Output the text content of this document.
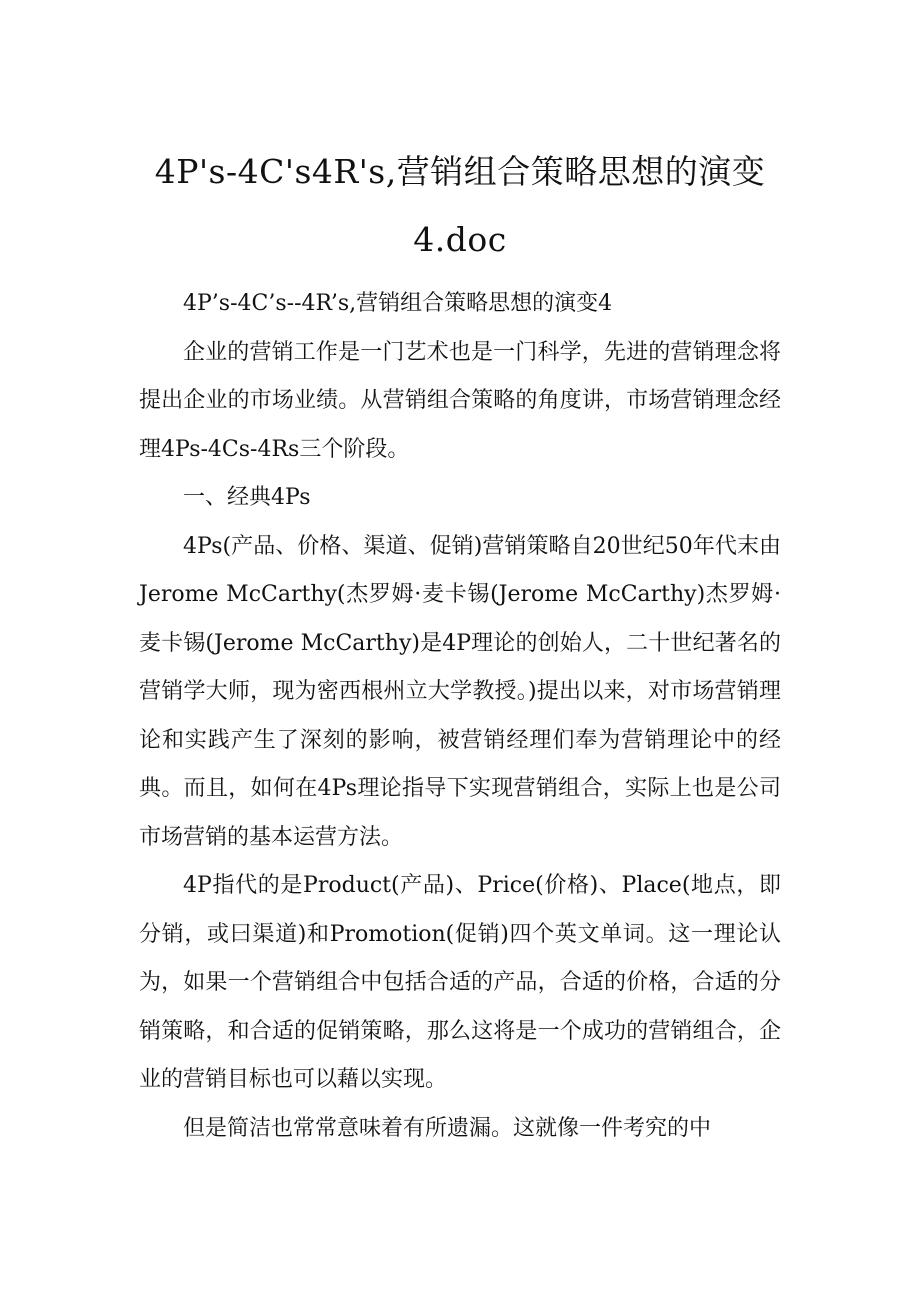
4P's-4C's4R's,营销组合策略思想的演变
4.doc

4P’s-4C’s--4R’s,营销组合策略思想的演变4

企业的营销工作是一门艺术也是一门科学，先进的营销理念将提出企业的市场业绩。从营销组合策略的角度讲，市场营销理念经理4Ps-4Cs-4Rs三个阶段。

一、经典4Ps

4Ps(产品、价格、渠道、促销)营销策略自20世纪50年代末由Jerome McCarthy(杰罗姆·麦卡锡(Jerome McCarthy)杰罗姆·麦卡锡(Jerome McCarthy)是4P理论的创始人，二十世纪著名的营销学大师，现为密西根州立大学教授。)提出以来，对市场营销理论和实践产生了深刻的影响，被营销经理们奉为营销理论中的经典。而且，如何在4Ps理论指导下实现营销组合，实际上也是公司市场营销的基本运营方法。

4P指代的是Product(产品)、Price(价格)、Place(地点，即分销，或曰渠道)和Promotion(促销)四个英文单词。这一理论认为，如果一个营销组合中包括合适的产品，合适的价格，合适的分销策略，和合适的促销策略，那么这将是一个成功的营销组合，企业的营销目标也可以藉以实现。

但是简洁也常常意味着有所遗漏。这就像一件考究的中
